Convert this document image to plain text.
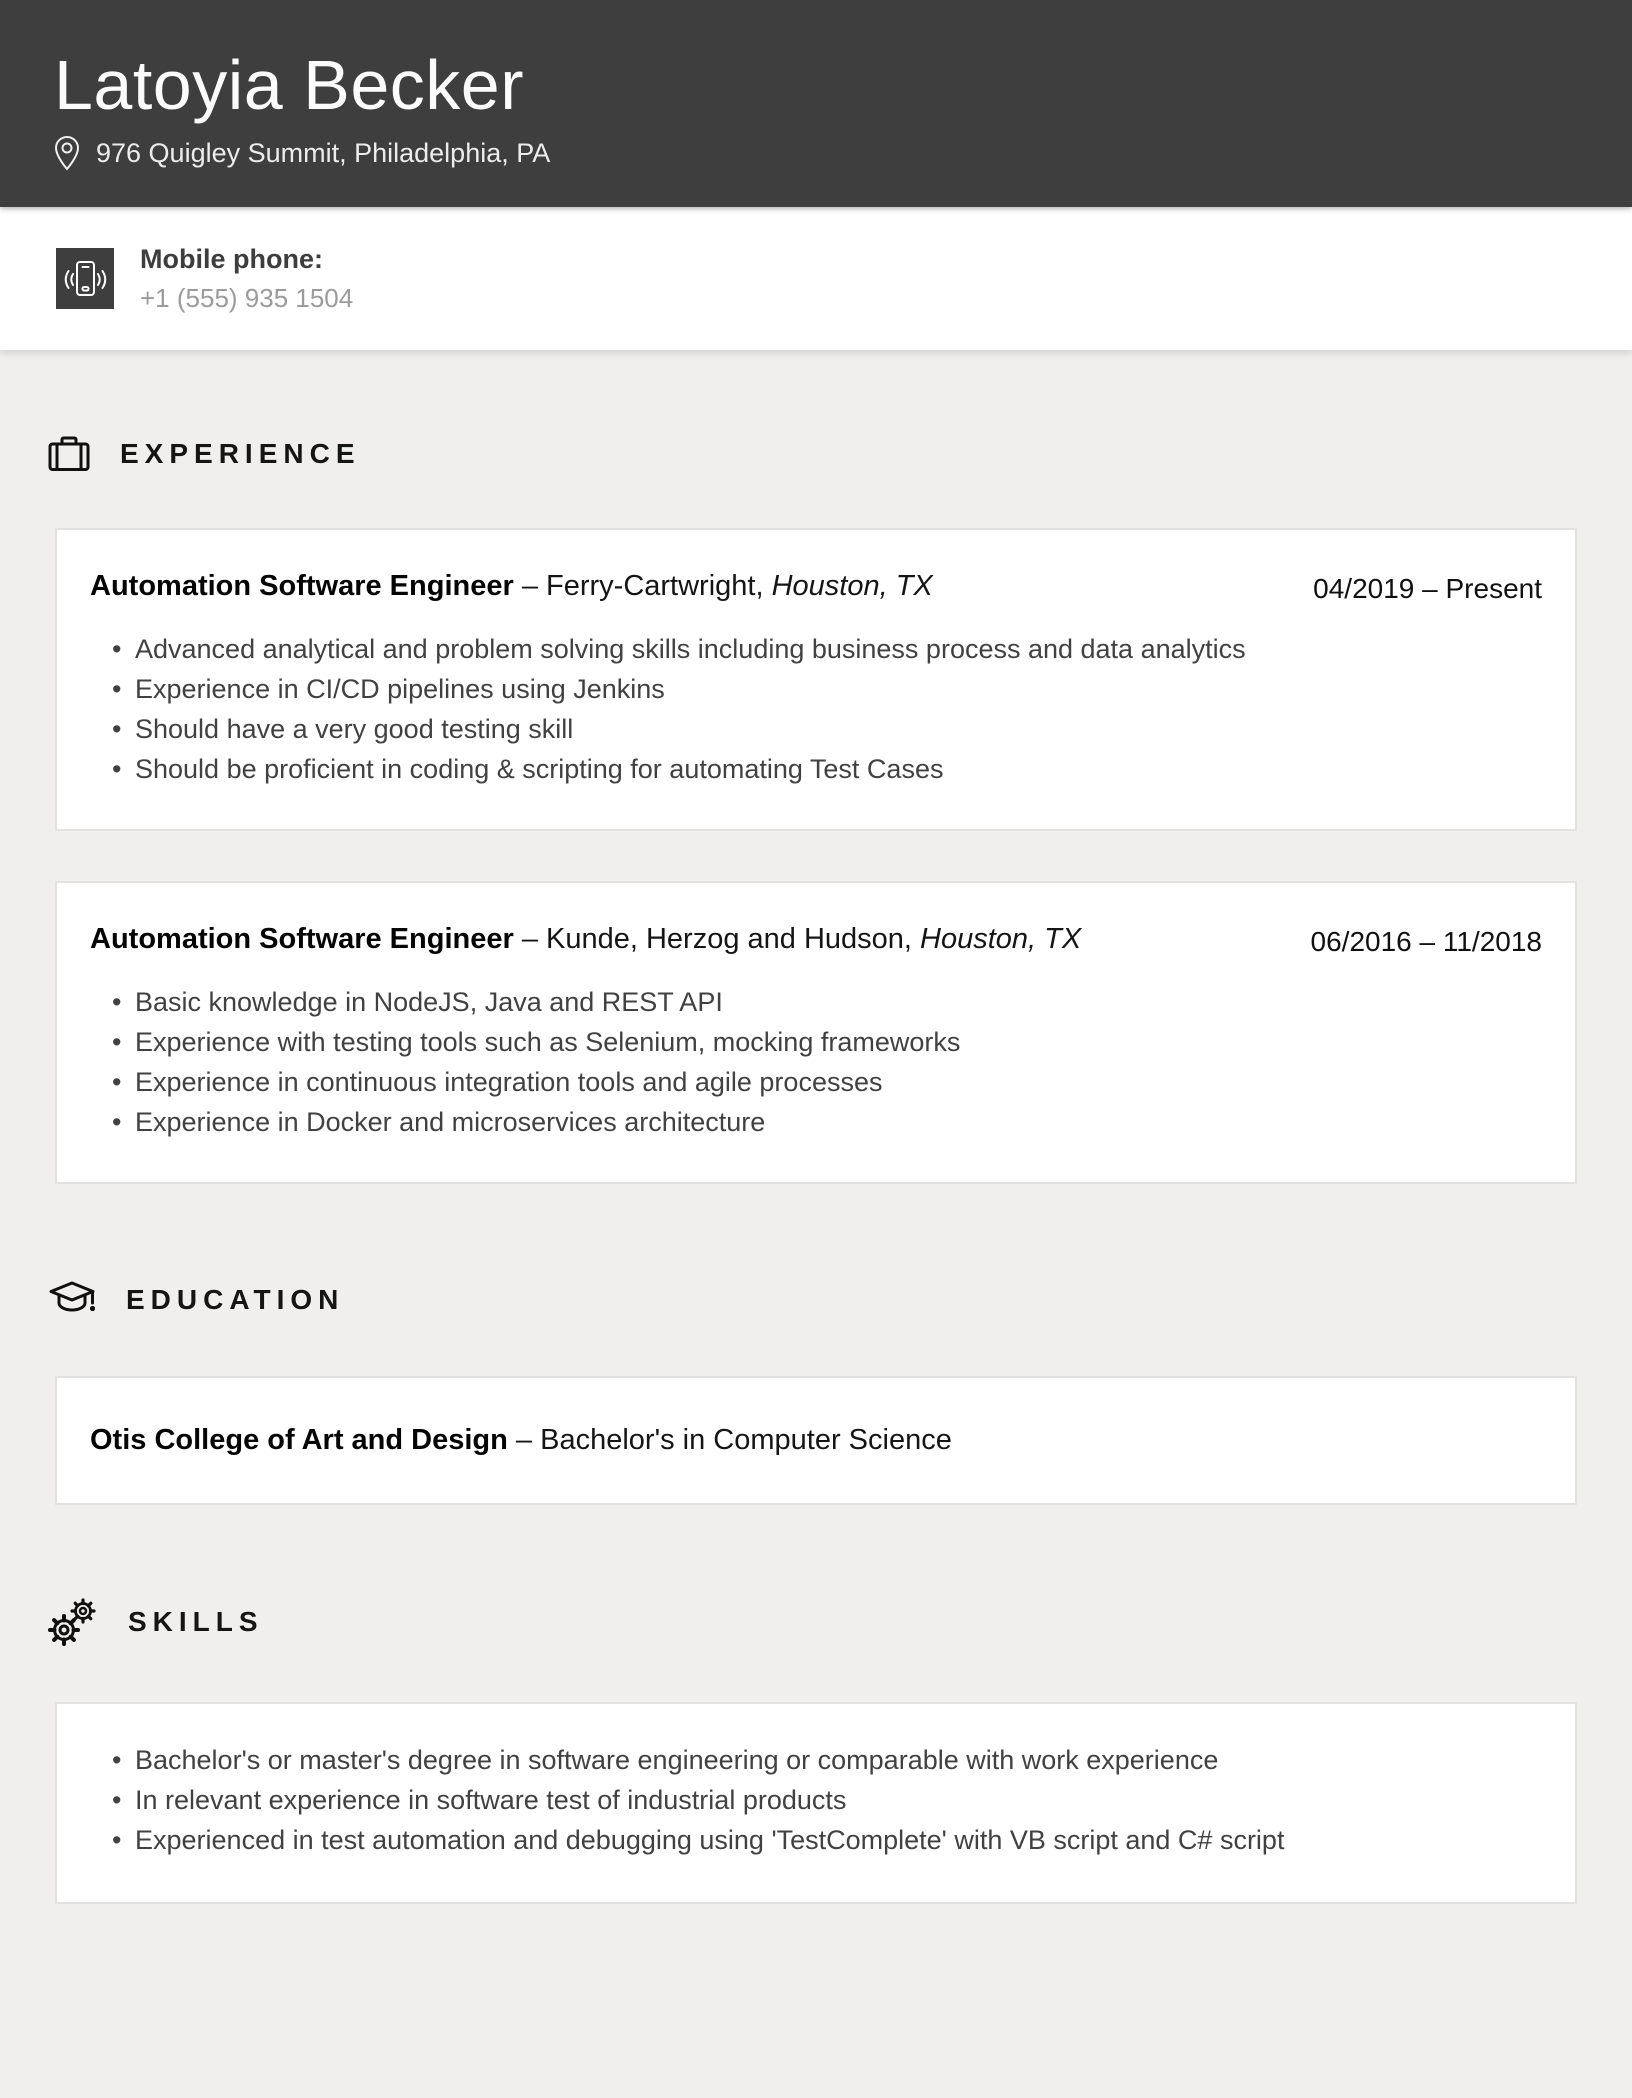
Latoyia Becker
976 Quigley Summit, Philadelphia, PA
Mobile phone:
+1 (555) 935 1504
EXPERIENCE
Automation Software Engineer – Ferry-Cartwright, Houston, TX	04/2019 – Present
• Advanced analytical and problem solving skills including business process and data analytics
• Experience in CI/CD pipelines using Jenkins
• Should have a very good testing skill
• Should be proficient in coding & scripting for automating Test Cases
Automation Software Engineer – Kunde, Herzog and Hudson, Houston, TX	06/2016 – 11/2018
• Basic knowledge in NodeJS, Java and REST API
• Experience with testing tools such as Selenium, mocking frameworks
• Experience in continuous integration tools and agile processes
• Experience in Docker and microservices architecture
EDUCATION
Otis College of Art and Design – Bachelor's in Computer Science
SKILLS
• Bachelor's or master's degree in software engineering or comparable with work experience
• In relevant experience in software test of industrial products
• Experienced in test automation and debugging using 'TestComplete' with VB script and C# script
